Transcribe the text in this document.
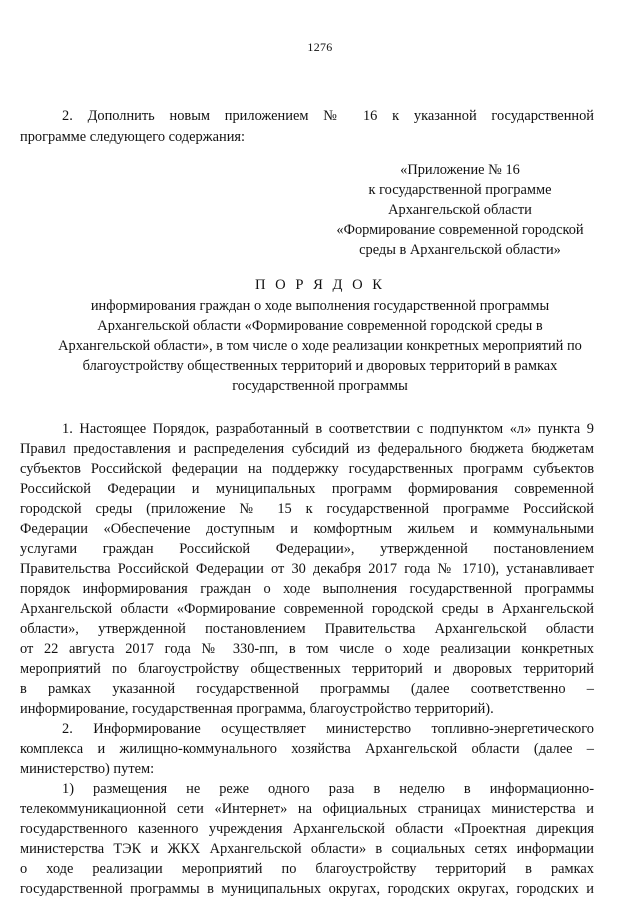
1276
2. Дополнить новым приложением № 16 к указанной государственной
программе следующего содержания:
«Приложение № 16
к государственной программе
Архангельской области
«Формирование современной городской
среды в Архангельской области»
П О Р Я Д О К
информирования граждан о ходе выполнения государственной программы
Архангельской области «Формирование современной городской среды в
Архангельской области», в том числе о ходе реализации конкретных мероприятий по
благоустройству общественных территорий и дворовых территорий в рамках
государственной программы
1. Настоящее Порядок, разработанный в соответствии с подпунктом «л» пункта 9
Правил предоставления и распределения субсидий из федерального бюджета бюджетам
субъектов Российской федерации на поддержку государственных программ субъектов
Российской Федерации и муниципальных программ формирования современной
городской среды (приложение № 15 к государственной программе Российской
Федерации «Обеспечение доступным и комфортным жильем и коммунальными
услугами граждан Российской Федерации», утвержденной постановлением
Правительства Российской Федерации от 30 декабря 2017 года № 1710), устанавливает
порядок информирования граждан о ходе выполнения государственной программы
Архангельской области «Формирование современной городской среды в Архангельской
области», утвержденной постановлением Правительства Архангельской области
от 22 августа 2017 года № 330-пп, в том числе о ходе реализации конкретных
мероприятий по благоустройству общественных территорий и дворовых территорий
в рамках указанной государственной программы (далее соответственно –
информирование, государственная программа, благоустройство территорий).
2. Информирование осуществляет министерство топливно-энергетического
комплекса и жилищно-коммунального хозяйства Архангельской области (далее –
министерство) путем:
1) размещения не реже одного раза в неделю в информационно-
телекоммуникационной сети «Интернет» на официальных страницах министерства и
государственного казенного учреждения Архангельской области «Проектная дирекция
министерства ТЭК и ЖКХ Архангельской области» в социальных сетях информации
о ходе реализации мероприятий по благоустройству территорий в рамках
государственной программы в муниципальных округах, городских округах, городских и
